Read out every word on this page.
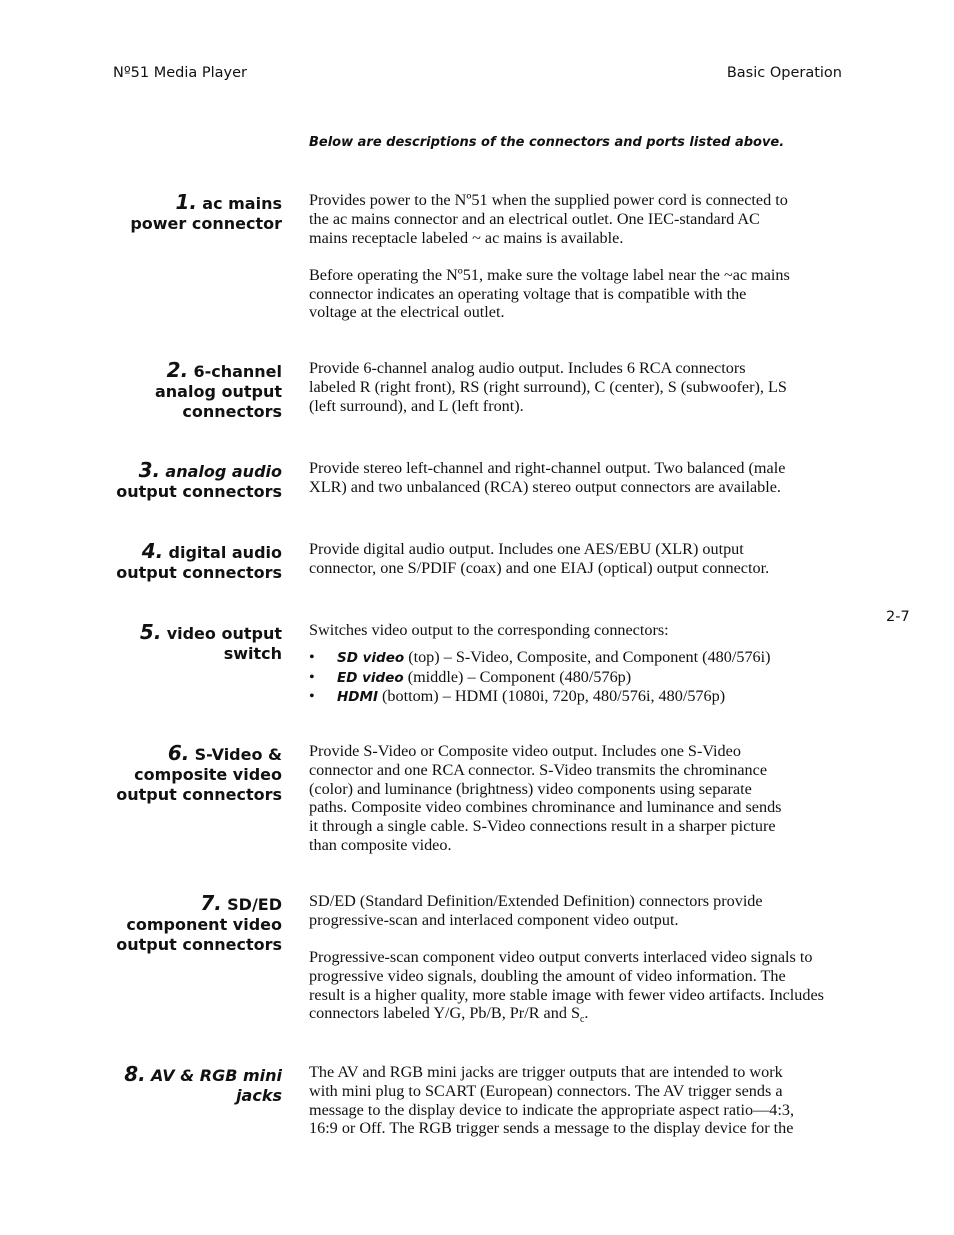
Nº51 Media Player	Basic Operation
2-7
Below are descriptions of the connectors and ports listed above.
1. ac mains
power connector

Provides power to the Nº51 when the supplied power cord is connected to
the ac mains connector and an electrical outlet. One IEC-standard AC
mains receptacle labeled ~ ac mains is available.

Before operating the Nº51, make sure the voltage label near the ~ac mains
connector indicates an operating voltage that is compatible with the
voltage at the electrical outlet.

2. 6-channel
analog output
connectors

Provide 6-channel analog audio output. Includes 6 RCA connectors
labeled R (right front), RS (right surround), C (center), S (subwoofer), LS
(left surround), and L (left front).

3. analog audio
output connectors

Provide stereo left-channel and right-channel output. Two balanced (male
XLR) and two unbalanced (RCA) stereo output connectors are available.

4. digital audio
output connectors

Provide digital audio output. Includes one AES/EBU (XLR) output
connector, one S/PDIF (coax) and one EIAJ (optical) output connector.

5. video output
switch

Switches video output to the corresponding connectors:

• SD video (top) – S-Video, Composite, and Component (480/576i)
• ED video (middle) – Component (480/576p)
• HDMI (bottom) – HDMI (1080i, 720p, 480/576i, 480/576p)
6. S-Video &
composite video
output connectors

Provide S-Video or Composite video output. Includes one S-Video
connector and one RCA connector. S-Video transmits the chrominance
(color) and luminance (brightness) video components using separate
paths. Composite video combines chrominance and luminance and sends
it through a single cable. S-Video connections result in a sharper picture
than composite video.

7. SD/ED
component video
output connectors

SD/ED (Standard Definition/Extended Definition) connectors provide
progressive-scan and interlaced component video output.

Progressive-scan component video output converts interlaced video signals to
progressive video signals, doubling the amount of video information. The
result is a higher quality, more stable image with fewer video artifacts. Includes
connectors labeled Y/G, Pb/B, Pr/R and $S_c$.

8. AV & RGB mini
jacks

The AV and RGB mini jacks are trigger outputs that are intended to work
with mini plug to SCART (European) connectors. The AV trigger sends a
message to the display device to indicate the appropriate aspect ratio—4:3,
16:9 or Off. The RGB trigger sends a message to the display device for the
